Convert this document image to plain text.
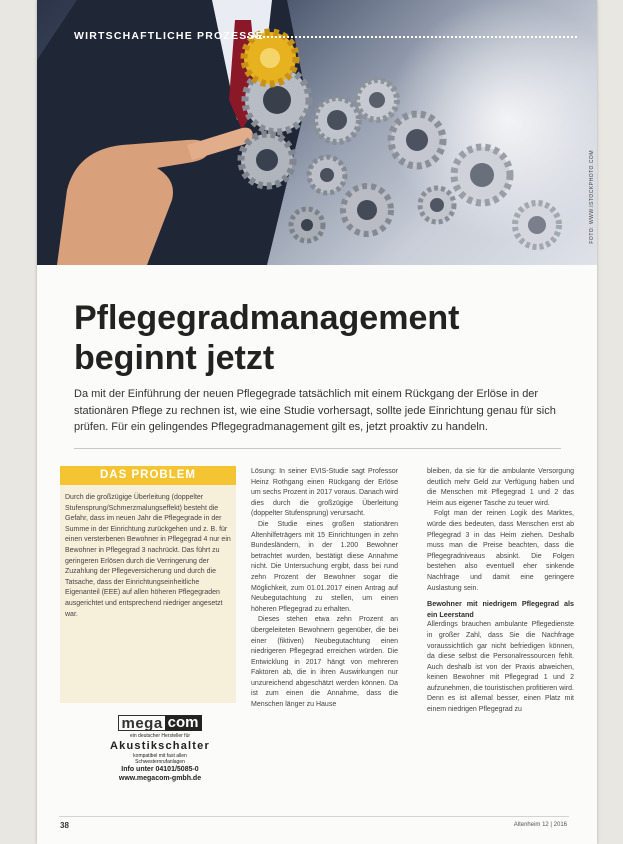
WIRTSCHAFTLICHE PROZESSE
FOTO: WWW.ISTOCKPHOTO.COM
Pflegegradmanagement
beginnt jetzt

Da mit der Einführung der neuen Pflegegrade tatsächlich mit einem Rückgang der Erlöse in der stationären Pflege zu rechnen ist, wie eine Studie vorhersagt, sollte jede Einrichtung genau für sich prüfen. Für ein gelingendes Pflegegradmanagement gilt es, jetzt proaktiv zu handeln.

DAS PROBLEM

Durch die großzügige Überleitung (doppelter Stufensprung/Schmerzmalungseffekt) besteht die Gefahr, dass im neuen Jahr die Pflegegrade in der Summe in der Einrichtung zurückgehen und z. B. für einen versterbenen Bewohner in Pflegegrad 4 nur ein Bewohner in Pflegegrad 3 nachrückt. Das führt zu geringeren Erlösen durch die Verringerung der Zuzahlung der Pflegeversicherung und durch die Tatsache, dass der Einrichtungseinheitliche Eigenanteil (EEE) auf allen höheren Pflegegraden ausgerichtet und entsprechend niedriger angesetzt war.

mega com
ein deutscher Hersteller für
Akustikschalter
kompatibel mit fast allen
Schwesternrufanlagen
Info unter 04101/5085-0
www.megacom-gmbh.de

Lösung: In seiner EVIS-Studie sagt Professor Heinz Rothgang einen Rückgang der Erlöse um sechs Prozent in 2017 voraus. Danach wird dies durch die großzügige Überleitung (doppelter Stufensprung) verursacht.

Die Studie eines großen stationären Altenhilfeträgers mit 15 Einrichtungen in zehn Bundesländern, in der 1.200 Bewohner betrachtet wurden, bestätigt diese Annahme nicht. Die Untersuchung ergibt, dass bei rund zehn Prozent der Bewohner sogar die Möglichkeit, zum 01.01.2017 einen Antrag auf Neubegutachtung zu stellen, um einen höheren Pflegegrad zu erhalten.

Dieses stehen etwa zehn Prozent an übergeleiteten Bewohnern gegenüber, die bei einer (fiktiven) Neubegutachtung einen niedrigeren Pflegegrad erreichen würden. Die Entwicklung in 2017 hängt von mehreren Faktoren ab, die in ihren Auswirkungen nur unzureichend abgeschätzt werden können. Da ist zum einen die Annahme, dass die Menschen länger zu Hause

bleiben, da sie für die ambulante Versorgung deutlich mehr Geld zur Verfügung haben und die Menschen mit Pflegegrad 1 und 2 das Heim aus eigener Tasche zu teuer wird.

Folgt man der reinen Logik des Marktes, würde dies bedeuten, dass Menschen erst ab Pflegegrad 3 in das Heim ziehen. Deshalb muss man die Preise beachten, dass die Pflegegradniveaus absinkt. Die Folgen bestehen also eventuell eher sinkende Nachfrage und damit eine geringere Auslastung sein.

Bewohner mit niedrigem Pflegegrad als ein Leerstand

Allerdings brauchen ambulante Pflegedienste in großer Zahl, dass Sie die Nachfrage voraussichtlich gar nicht befriedigen können, da diese selbst die Personalressourcen fehlt. Auch deshalb ist von der Praxis abweichen, keinen Bewohner mit Pflegegrad 1 und 2 aufzunehmen, die touristischen profitieren wird. Denn es ist allemal besser, einen Platz mit einem niedrigen Pflegegrad zu

38	Altenheim 12 | 2016
